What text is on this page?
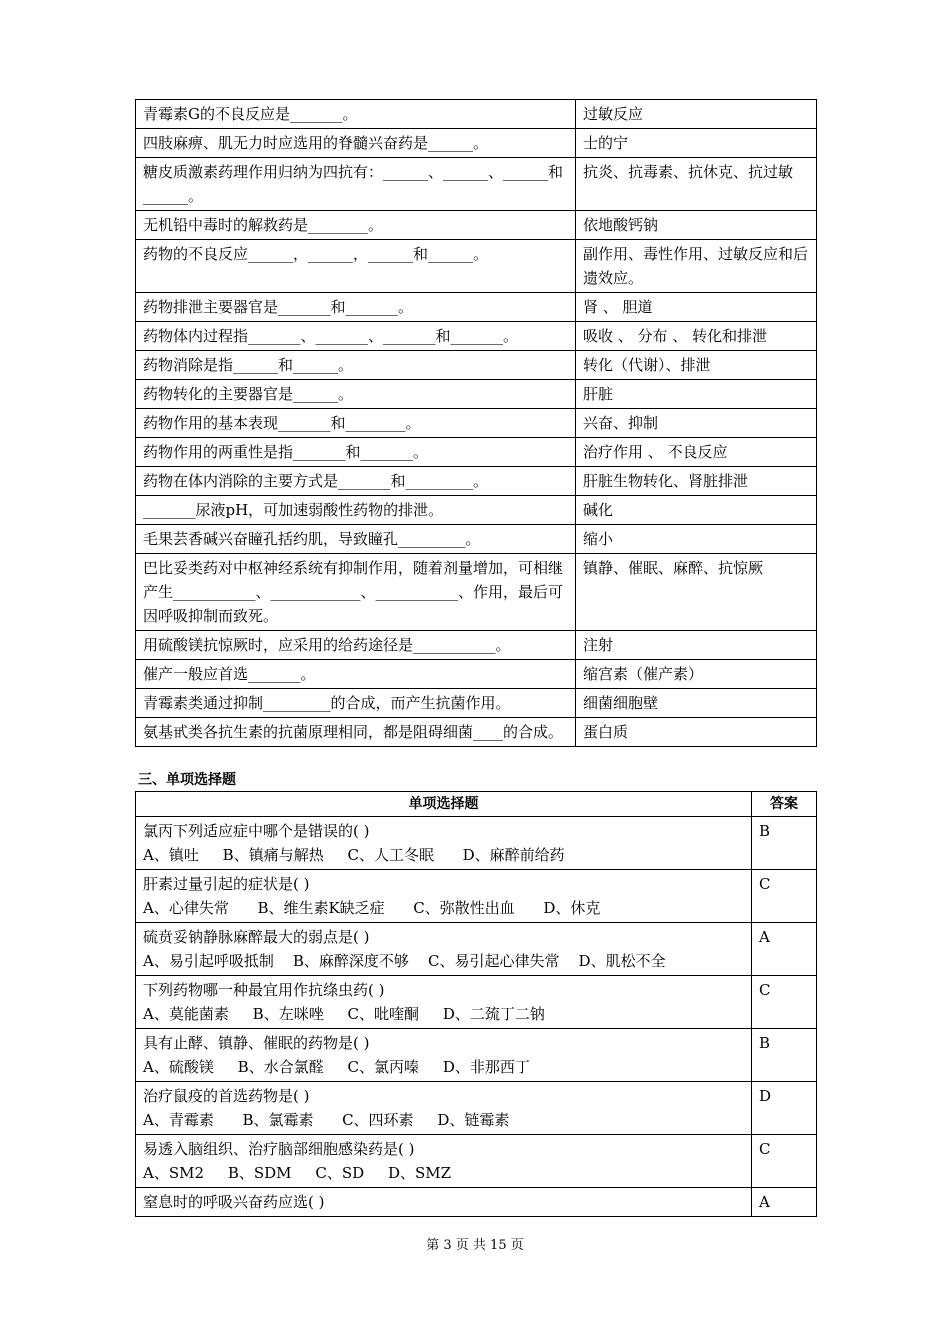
青霉素G的不良反应是_______。	过敏反应
四肢麻痹、肌无力时应选用的脊髓兴奋药是______。	士的宁
糖皮质激素药理作用归纳为四抗有：______、______、______和______。	抗炎、抗毒素、抗休克、抗过敏
无机铅中毒时的解救药是________。	依地酸钙钠
药物的不良反应______，______，______和______。	副作用、毒性作用、过敏反应和后遗效应。
药物排泄主要器官是_______和_______。	肾 、 胆道
药物体内过程指_______、_______、_______和_______。	吸收 、 分布 、 转化和排泄
药物消除是指______和______。	转化（代谢）、排泄
药物转化的主要器官是______。	肝脏
药物作用的基本表现_______和________。	兴奋、抑制
药物作用的两重性是指_______和_______。	治疗作用 、 不良反应
药物在体内消除的主要方式是_______和_________。	肝脏生物转化、肾脏排泄
_______尿液pH，可加速弱酸性药物的排泄。	碱化
毛果芸香碱兴奋瞳孔括约肌，导致瞳孔_________。	缩小
巴比妥类药对中枢神经系统有抑制作用，随着剂量增加，可相继产生___________、____________、___________、作用，最后可因呼吸抑制而致死。	镇静、催眠、麻醉、抗惊厥
用硫酸镁抗惊厥时，应采用的给药途径是___________。	注射
催产一般应首选_______。	缩宫素（催产素）
青霉素类通过抑制_________的合成，而产生抗菌作用。	细菌细胞壁
氨基甙类各抗生素的抗菌原理相同，都是阻碍细菌____的合成。	蛋白质
三、单项选择题
单项选择题	答案

氯丙下列适应症中哪个是错误的( )
A、镇吐     B、镇痛与解热     C、人工冬眠      D、麻醉前给药	B

肝素过量引起的症状是( )
A、心律失常      B、维生素K缺乏症      C、弥散性出血      D、休克	C

硫贲妥钠静脉麻醉最大的弱点是( )
A、易引起呼吸抵制    B、麻醉深度不够    C、易引起心律失常    D、肌松不全	A

下列药物哪一种最宜用作抗绦虫药( )
A、莫能菌素     B、左咪唑     C、吡喹酮     D、二巯丁二钠	C

具有止酵、镇静、催眠的药物是( )
A、硫酸镁     B、水合氯醛     C、氯丙嗪     D、非那西丁	B

治疗鼠疫的首选药物是( )
A、青霉素      B、氯霉素      C、四环素     D、链霉素	D

易透入脑组织、治疗脑部细胞感染药是( )
A、SM2     B、SDM     C、SD     D、SMZ	C

窒息时的呼吸兴奋药应选( )	A
第 3 页 共 15 页
